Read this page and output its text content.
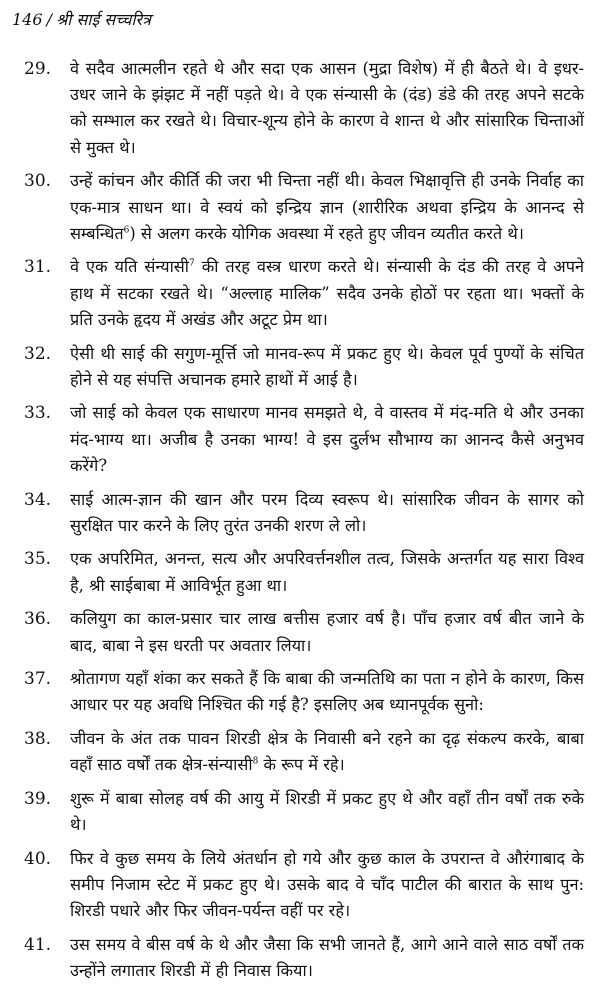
146 / श्री साई सच्चरित्र
29.	वे सदैव आत्मलीन रहते थे और सदा एक आसन (मुद्रा विशेष) में ही बैठते थे। वे इधर-उधर जाने के झंझट में नहीं पड़ते थे। वे एक संन्यासी के (दंड) डंडे की तरह अपने सटके को सम्भाल कर रखते थे। विचार-शून्य होने के कारण वे शान्त थे और सांसारिक चिन्ताओं से मुक्त थे।
30.	उन्हें कांचन और कीर्ति की जरा भी चिन्ता नहीं थी। केवल भिक्षावृत्ति ही उनके निर्वाह का एक-मात्र साधन था। वे स्वयं को इन्द्रिय ज्ञान (शारीरिक अथवा इन्द्रिय के आनन्द से सम्बन्धित$^6$) से अलग करके योगिक अवस्था में रहते हुए जीवन व्यतीत करते थे।
31.	वे एक यति संन्यासी$^7$ की तरह वस्त्र धारण करते थे। संन्यासी के दंड की तरह वे अपने हाथ में सटका रखते थे। “अल्लाह मालिक” सदैव उनके होठों पर रहता था। भक्तों के प्रति उनके हृदय में अखंड और अटूट प्रेम था।
32.	ऐसी थी साई की सगुण-मूर्त्ति जो मानव-रूप में प्रकट हुए थे। केवल पूर्व पुण्यों के संचित होने से यह संपत्ति अचानक हमारे हाथों में आई है।
33.	जो साई को केवल एक साधारण मानव समझते थे, वे वास्तव में मंद-मति थे और उनका मंद-भाग्य था। अजीब है उनका भाग्य! वे इस दुर्लभ सौभाग्य का आनन्द कैसे अनुभव करेंगे?
34.	साई आत्म-ज्ञान की खान और परम दिव्य स्वरूप थे। सांसारिक जीवन के सागर को सुरक्षित पार करने के लिए तुरंत उनकी शरण ले लो।
35.	एक अपरिमित, अनन्त, सत्य और अपरिवर्त्तनशील तत्व, जिसके अन्तर्गत यह सारा विश्व है, श्री साईबाबा में आविर्भूत हुआ था।
36.	कलियुग का काल-प्रसार चार लाख बत्तीस हजार वर्ष है। पाँच हजार वर्ष बीत जाने के बाद, बाबा ने इस धरती पर अवतार लिया।
37.	श्रोतागण यहाँ शंका कर सकते हैं कि बाबा की जन्मतिथि का पता न होने के कारण, किस आधार पर यह अवधि निश्चित की गई है? इसलिए अब ध्यानपूर्वक सुनो:
38.	जीवन के अंत तक पावन शिरडी क्षेत्र के निवासी बने रहने का दृढ़ संकल्प करके, बाबा वहाँ साठ वर्षों तक क्षेत्र-संन्यासी$^8$ के रूप में रहे।
39.	शुरू में बाबा सोलह वर्ष की आयु में शिरडी में प्रकट हुए थे और वहाँ तीन वर्षों तक रुके थे।
40.	फिर वे कुछ समय के लिये अंतर्धान हो गये और कुछ काल के उपरान्त वे औरंगाबाद के समीप निजाम स्टेट में प्रकट हुए थे। उसके बाद वे चाँद पाटील की बारात के साथ पुन: शिरडी पधारे और फिर जीवन-पर्यन्त वहीं पर रहे।
41.	उस समय वे बीस वर्ष के थे और जैसा कि सभी जानते हैं, आगे आने वाले साठ वर्षों तक उन्होंने लगातार शिरडी में ही निवास किया।
